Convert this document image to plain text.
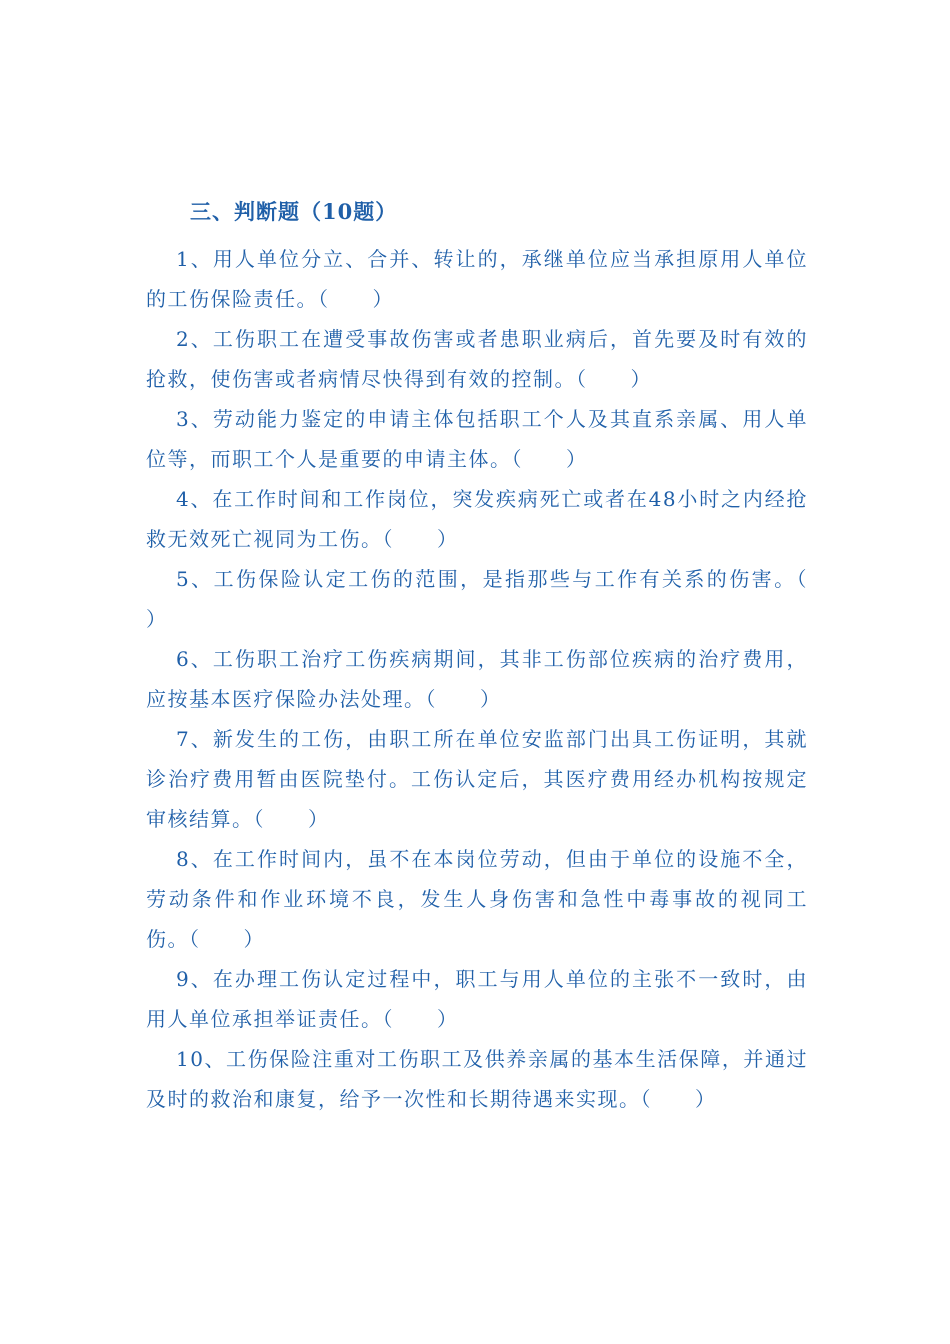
三、判断题（10题）

1、用人单位分立、合并、转让的，承继单位应当承担原用人单位的工伤保险责任。（　　）

2、工伤职工在遭受事故伤害或者患职业病后，首先要及时有效的抢救，使伤害或者病情尽快得到有效的控制。（　　）

3、劳动能力鉴定的申请主体包括职工个人及其直系亲属、用人单位等，而职工个人是重要的申请主体。（　　）

4、在工作时间和工作岗位，突发疾病死亡或者在48小时之内经抢救无效死亡视同为工伤。（　　）

5、工伤保险认定工伤的范围，是指那些与工作有关系的伤害。（　　）

6、工伤职工治疗工伤疾病期间，其非工伤部位疾病的治疗费用，应按基本医疗保险办法处理。（　　）

7、新发生的工伤，由职工所在单位安监部门出具工伤证明，其就诊治疗费用暂由医院垫付。工伤认定后，其医疗费用经办机构按规定审核结算。（　　）

8、在工作时间内，虽不在本岗位劳动，但由于单位的设施不全，劳动条件和作业环境不良，发生人身伤害和急性中毒事故的视同工伤。（　　）

9、在办理工伤认定过程中，职工与用人单位的主张不一致时，由用人单位承担举证责任。（　　）

10、工伤保险注重对工伤职工及供养亲属的基本生活保障，并通过及时的救治和康复，给予一次性和长期待遇来实现。（　　）
